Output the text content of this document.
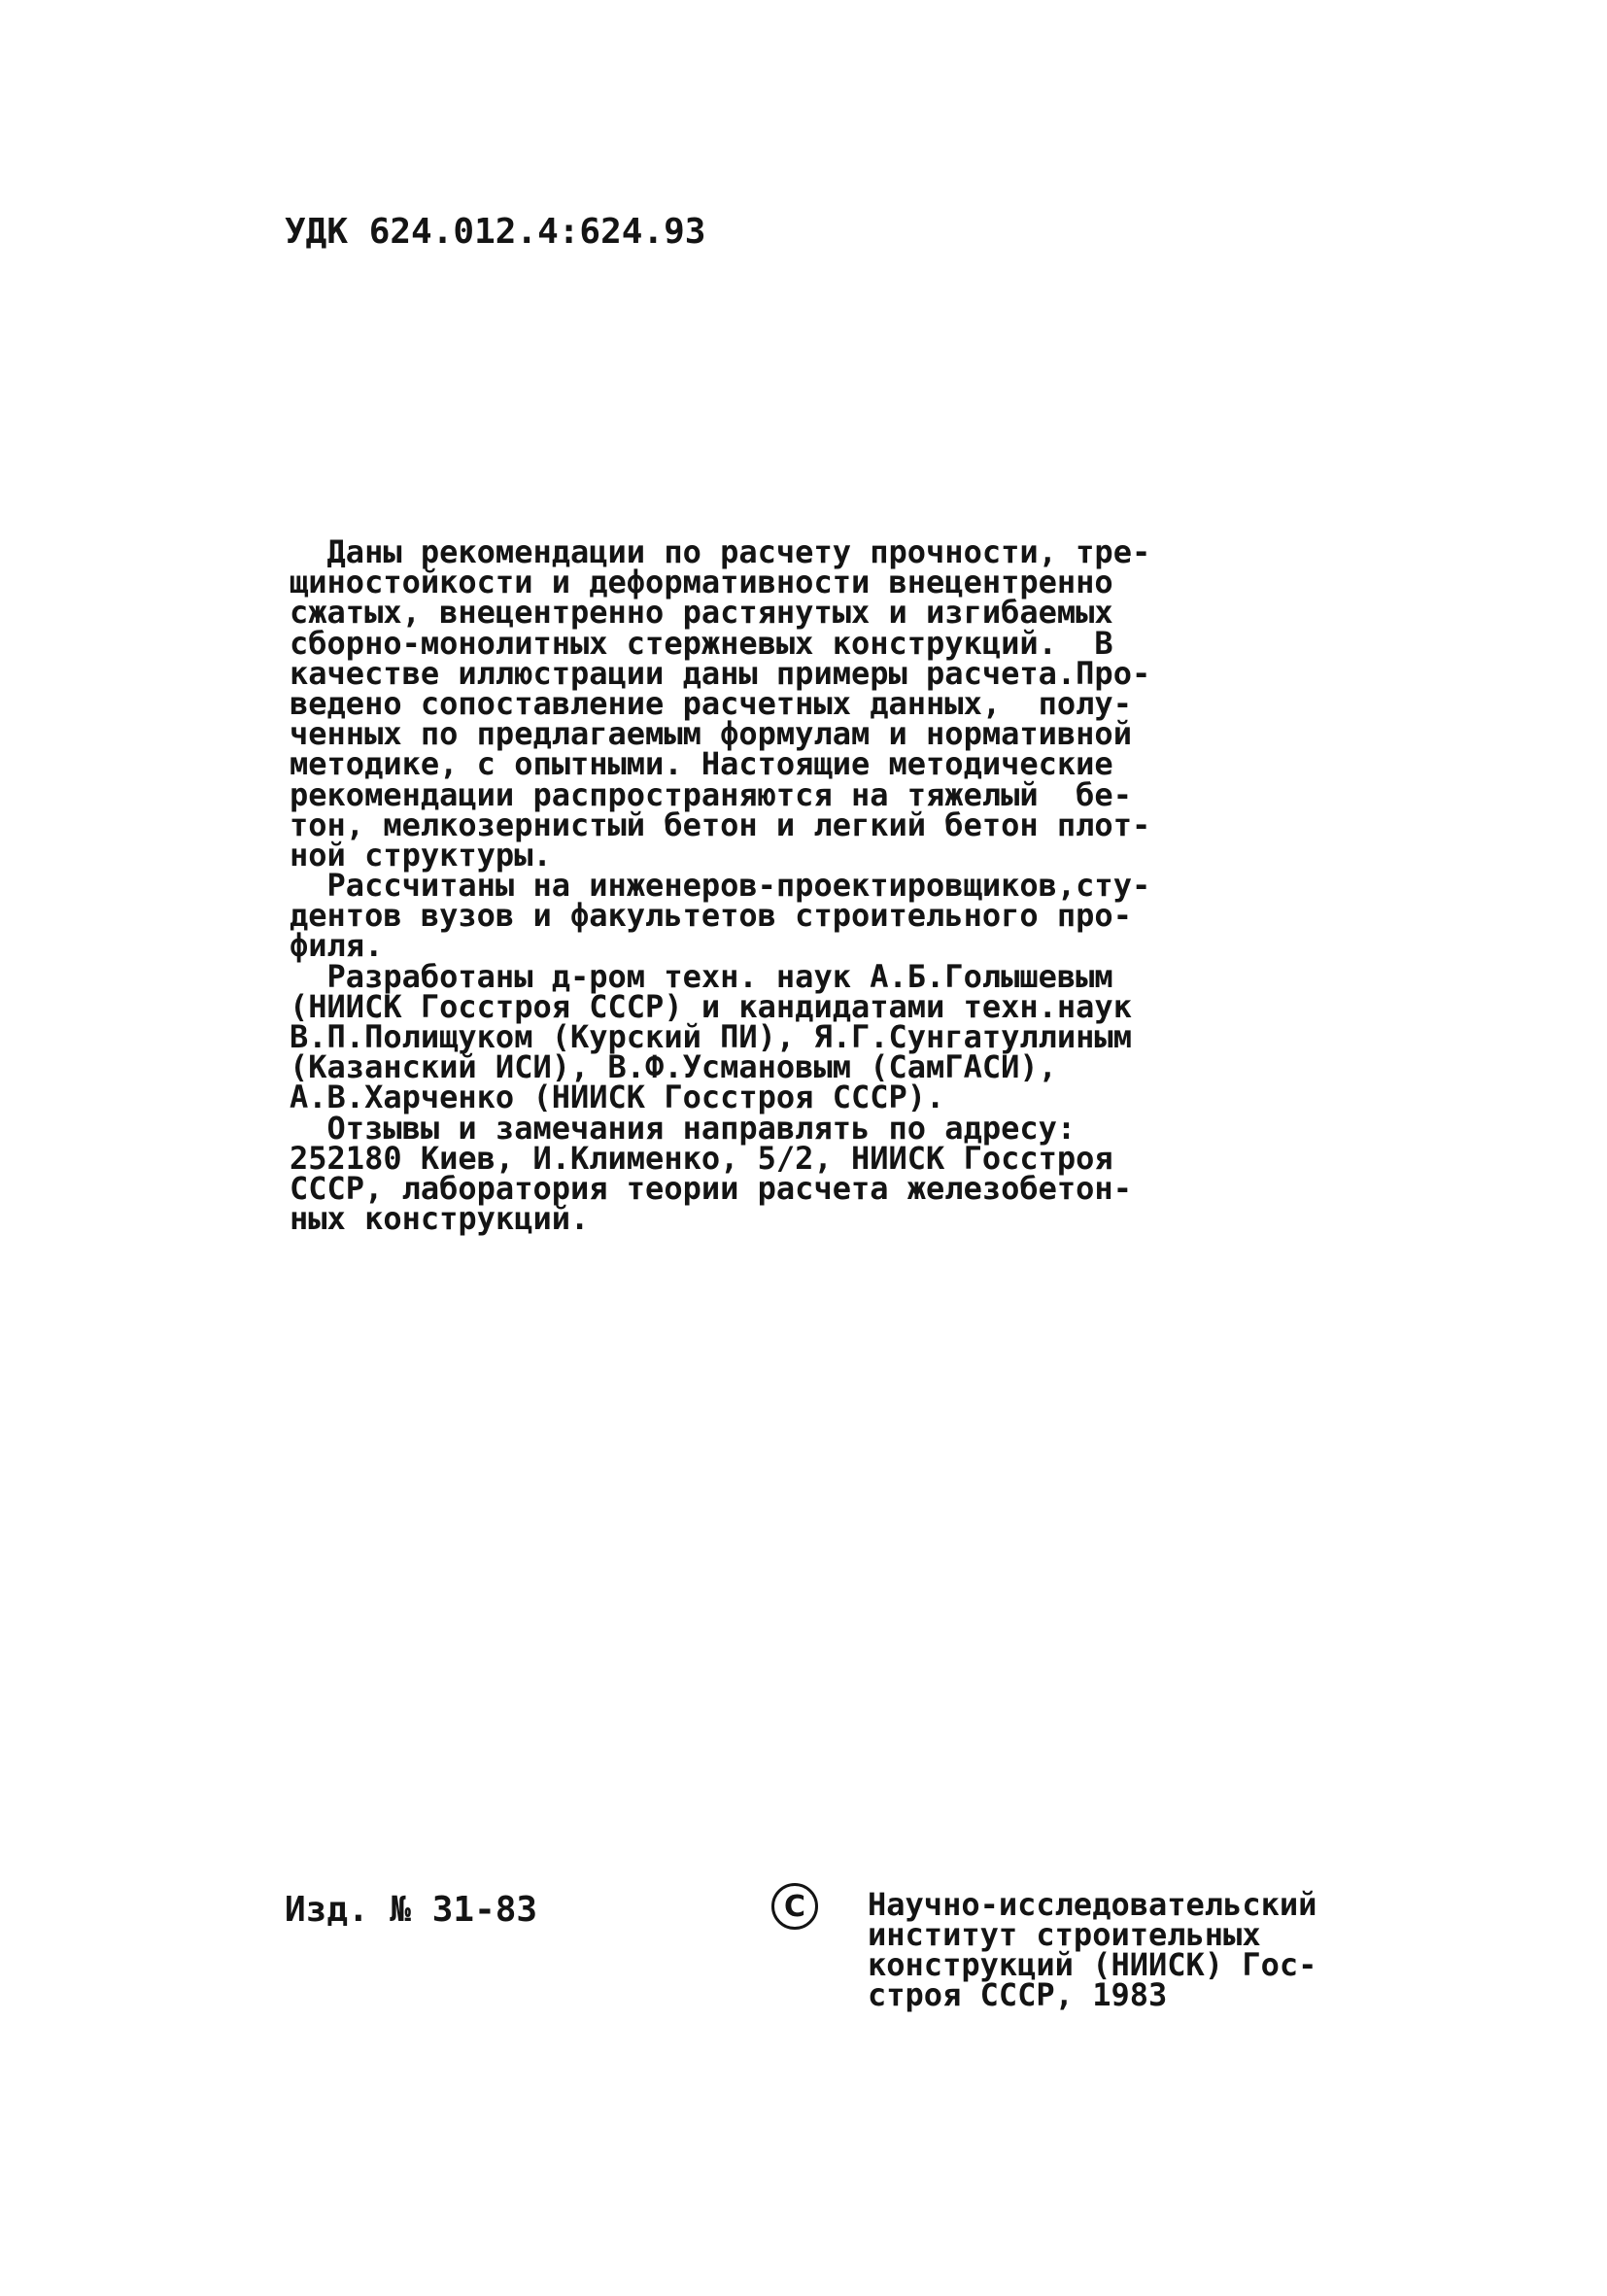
УДК 624.012.4:624.93
Даны рекомендации по расчету прочности, тре-
щиностойкости и деформативности внецентренно
сжатых, внецентренно растянутых и изгибаемых
сборно-монолитных стержневых конструкций.  В
качестве иллюстрации даны примеры расчета.Про-
ведено сопоставление расчетных данных,  полу-
ченных по предлагаемым формулам и нормативной
методике, с опытными. Настоящие методические
рекомендации распространяются на тяжелый  бе-
тон, мелкозернистый бетон и легкий бетон плот-
ной структуры.
Рассчитаны на инженеров-проектировщиков,сту-
дентов вузов и факультетов строительного про-
филя.
Разработаны д-ром техн. наук А.Б.Голышевым
(НИИСК Госстроя СССР) и кандидатами техн.наук
В.П.Полищуком (Курский ПИ), Я.Г.Сунгатуллиным
(Казанский ИСИ), В.Ф.Усмановым (СамГАСИ),
А.В.Харченко (НИИСК Госстроя СССР).
Отзывы и замечания направлять по адресу:
252180 Киев, И.Клименко, 5/2, НИИСК Госстроя
СССР, лаборатория теории расчета железобетон-
ных конструкций.
Изд. № 31-83	C	Научно-исследовательский
институт строительных
конструкций (НИИСК) Гос-
строя СССР, 1983
